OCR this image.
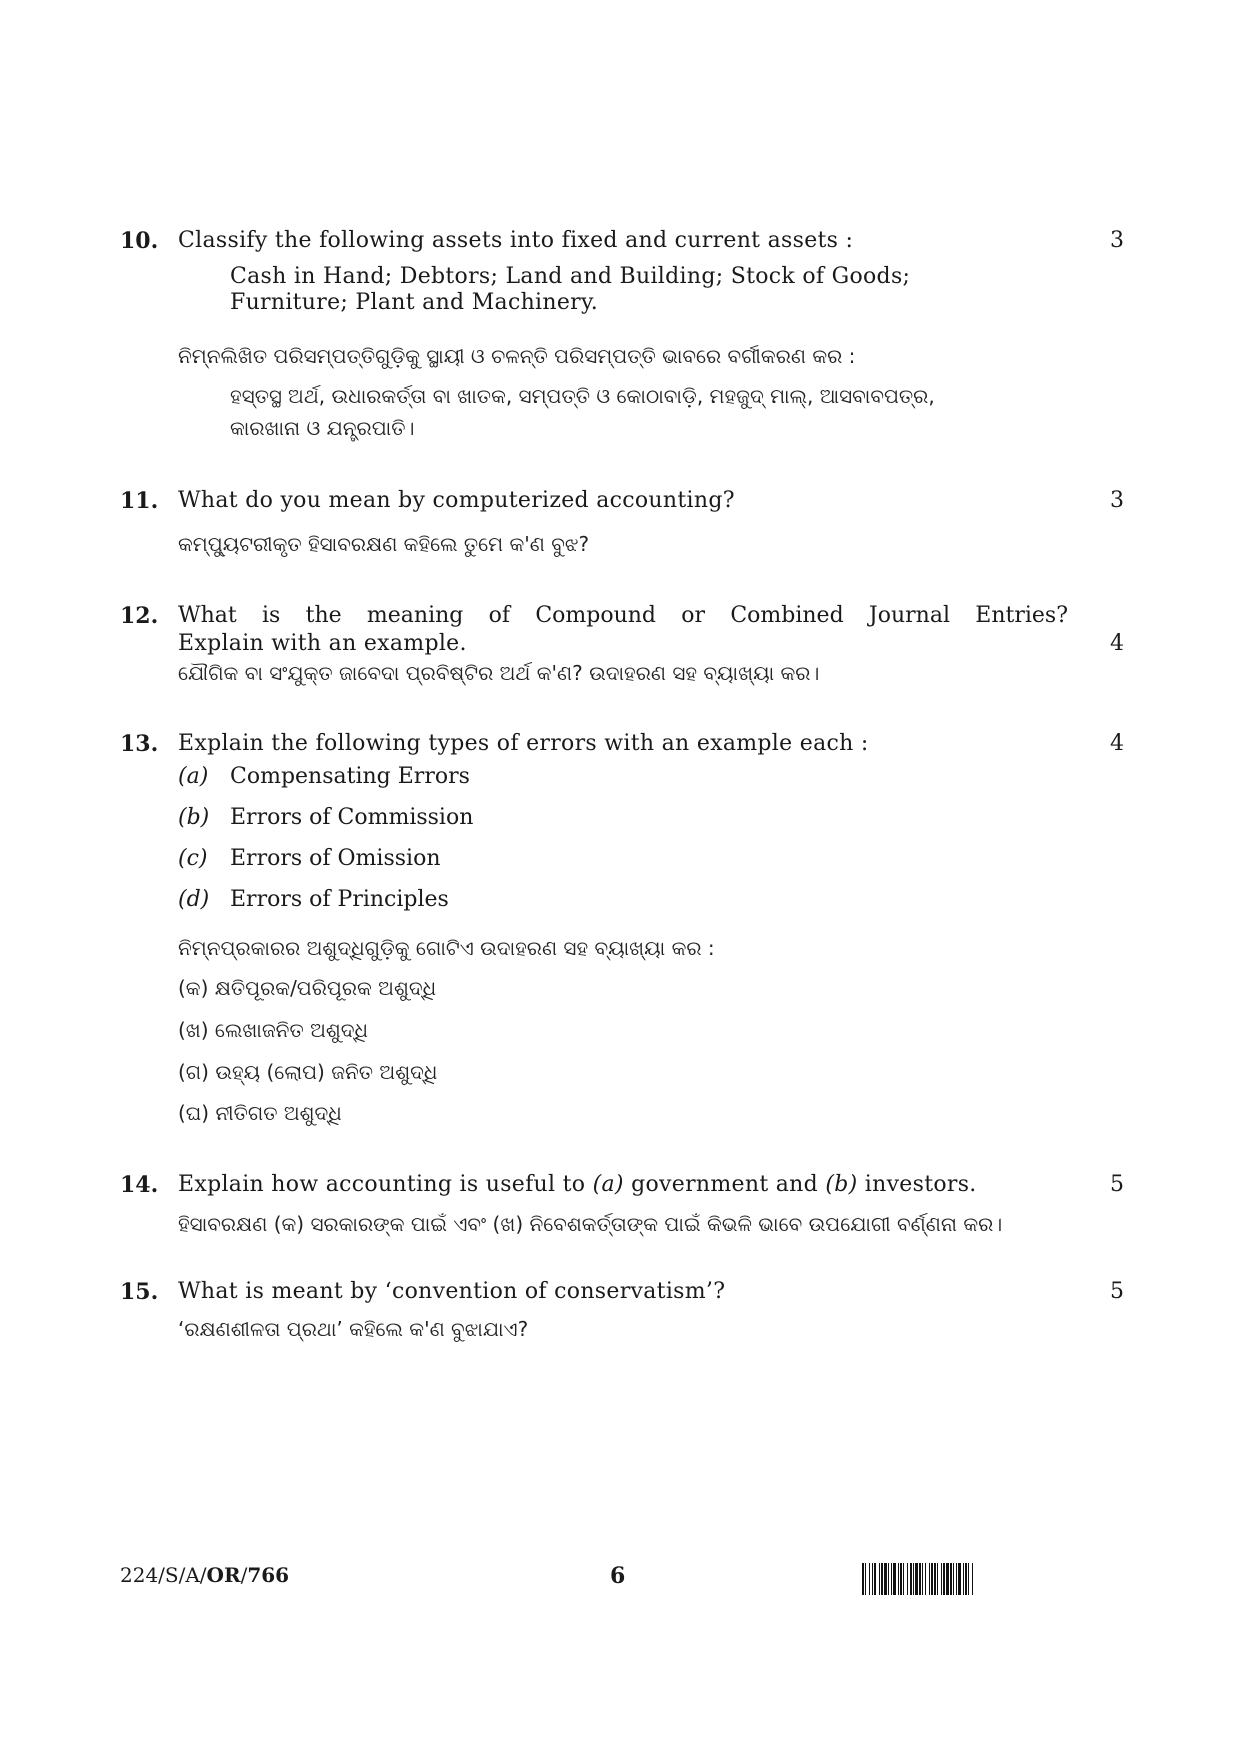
10. Classify the following assets into fixed and current assets :	3
Cash in Hand; Debtors; Land and Building; Stock of Goods;
Furniture; Plant and Machinery.
ନିମ୍ନଲିଖିତ ପରିସମ୍ପତ୍ତିଗୁଡ଼ିକୁ ସ୍ଥାୟୀ ଓ ଚଳନ୍ତି ପରିସମ୍ପତ୍ତି ଭାବରେ ବର୍ଗୀକରଣ କର :
ହସ୍ତସ୍ଥ ଅର୍ଥ, ଉଧାରକର୍ତ୍ତା ବା ଖାତକ, ସମ୍ପତ୍ତି ଓ କୋଠାବାଡ଼ି, ମହଜୁଦ୍ ମାଲ୍, ଆସବାବପତ୍ର,
କାରଖାନା ଓ ଯନ୍ତ୍ରପାତି।
11. What do you mean by computerized accounting?	3
କମ୍ପ୍ୟୁଟରୀକୃତ ହିସାବରକ୍ଷଣ କହିଲେ ତୁମେ କ'ଣ ବୁଝ?
12. What is the meaning of Compound or Combined Journal Entries?
Explain with an example.	4
ଯୌଗିକ ବା ସଂଯୁକ୍ତ ଜାବେଦା ପ୍ରବିଷ୍ଟିର ଅର୍ଥ କ'ଣ? ଉଦାହରଣ ସହ ବ୍ୟାଖ୍ୟା କର।
13. Explain the following types of errors with an example each :	4
(a) Compensating Errors
(b) Errors of Commission
(c) Errors of Omission
(d) Errors of Principles
ନିମ୍ନପ୍ରକାରର ଅଶୁଦ୍ଧିଗୁଡ଼ିକୁ ଗୋଟିଏ ଉଦାହରଣ ସହ ବ୍ୟାଖ୍ୟା କର :
(କ) କ୍ଷତିପୂରକ/ପରିପୂରକ ଅଶୁଦ୍ଧି
(ଖ) ଲେଖାଜନିତ ଅଶୁଦ୍ଧି
(ଗ) ଉହ୍ୟ (ଲୋପ) ଜନିତ ଅଶୁଦ୍ଧି
(ଘ) ନୀତିଗତ ଅଶୁଦ୍ଧି
14. Explain how accounting is useful to (a) government and (b) investors.	5
ହିସାବରକ୍ଷଣ (କ) ସରକାରଙ୍କ ପାଇଁ ଏବଂ (ଖ) ନିବେଶକର୍ତ୍ତାଙ୍କ ପାଇଁ କିଭଳି ଭାବେ ଉପଯୋଗୀ ବର୍ଣ୍ଣନା କର।
15. What is meant by ‘convention of conservatism’?	5
‘ରକ୍ଷଣଶୀଳତା ପ୍ରଥା’ କହିଲେ କ'ଣ ବୁଝାଯାଏ?
224/S/A/OR/766	6
